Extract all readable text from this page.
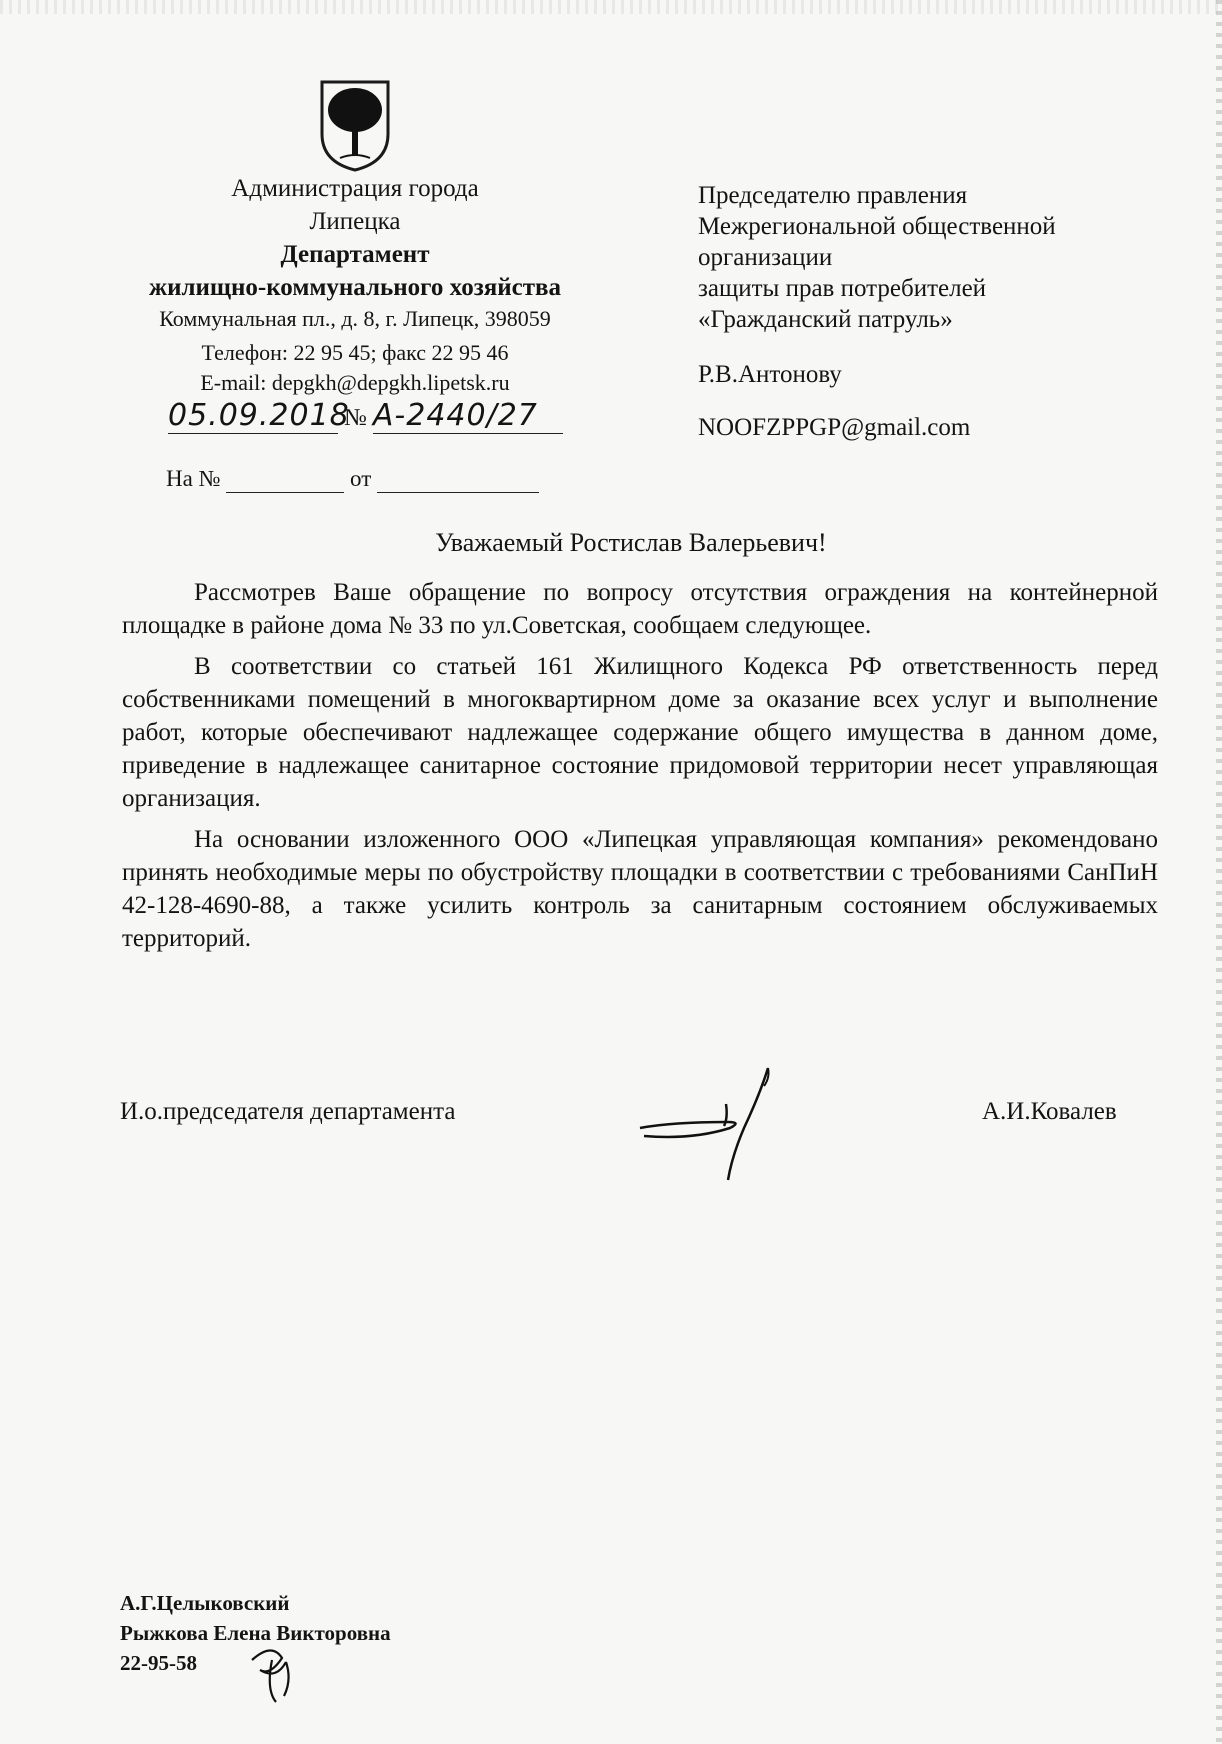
Администрация города
Липецка
Департамент
жилищно-коммунального хозяйства
Коммунальная пл., д. 8, г. Липецк, 398059
Телефон: 22 95 45; факс 22 95 46
E-mail: depgkh@depgkh.lipetsk.ru
05.09.2018 № А-2440/27
На №	от
Председателю правления
Межрегиональной общественной
организации
защиты прав потребителей
«Гражданский патруль»
Р.В.Антонову
NOOFZPPGP@gmail.com
Уважаемый Ростислав Валерьевич!

Рассмотрев Ваше обращение по вопросу отсутствия ограждения на контейнерной площадке в районе дома № 33 по ул.Советская, сообщаем следующее.

В соответствии со статьей 161 Жилищного Кодекса РФ ответственность перед собственниками помещений в многоквартирном доме за оказание всех услуг и выполнение работ, которые обеспечивают надлежащее содержание общего имущества в данном доме, приведение в надлежащее санитарное состояние придомовой территории несет управляющая организация.

На основании изложенного ООО «Липецкая управляющая компания» рекомендовано принять необходимые меры по обустройству площадки в соответствии с требованиями СанПиН 42-128-4690-88, а также усилить контроль за санитарным состоянием обслуживаемых территорий.

И.о.председателя департамента	А.И.Ковалев
А.Г.Целыковский
Рыжкова Елена Викторовна
22-95-58
